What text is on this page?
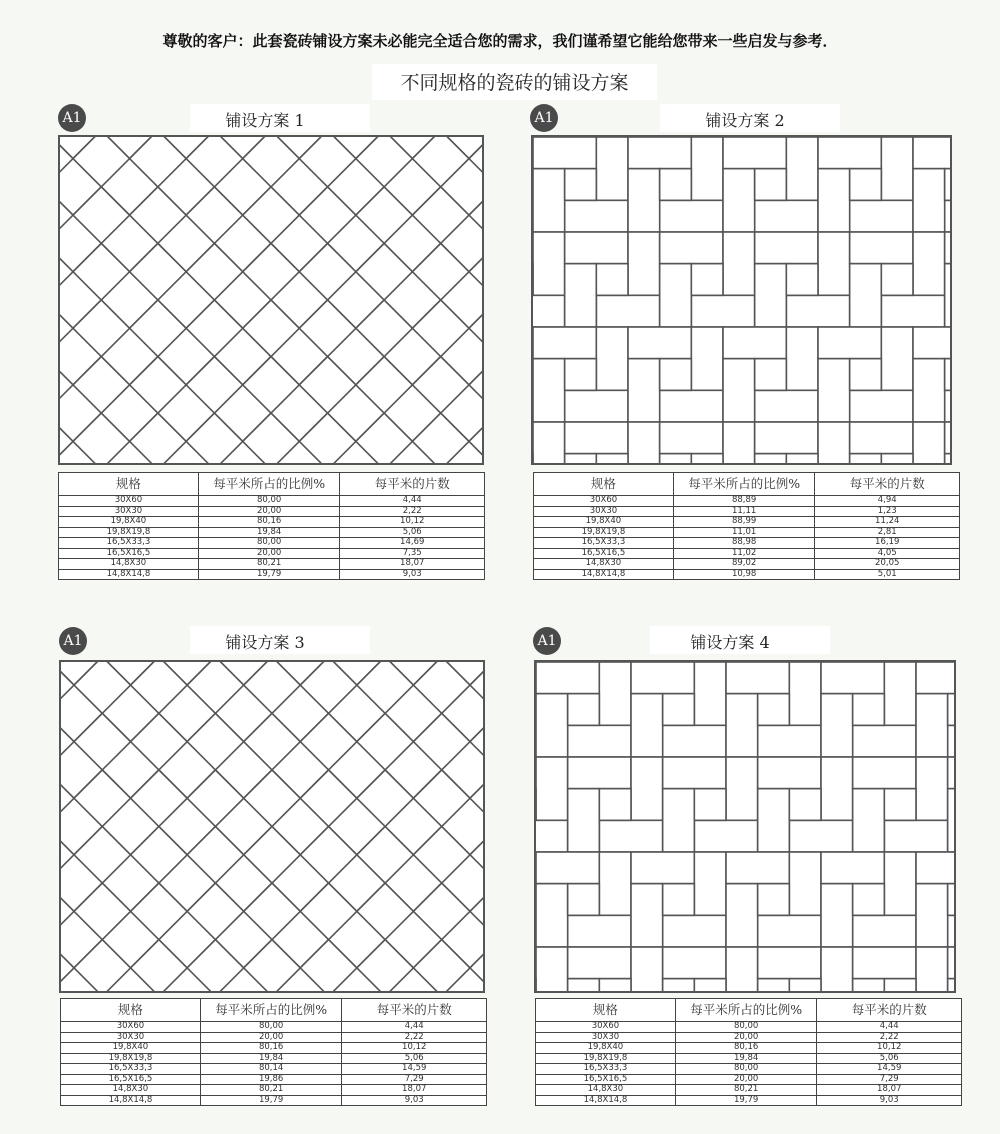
尊敬的客户：此套瓷砖铺设方案未必能完全适合您的需求，我们谨希望它能给您带来一些启发与参考．
不同规格的瓷砖的铺设方案
A1	铺设方案 1
规格	每平米所占的比例%	每平米的片数
30X60	80,00	4,44
30X30	20,00	2,22
19,8X40	80,16	10,12
19,8X19,8	19,84	5,06
16,5X33,3	80,00	14,69
16,5X16,5	20,00	7,35
14,8X30	80,21	18,07
14,8X14,8	19,79	9,03
A1	铺设方案 2
规格	每平米所占的比例%	每平米的片数
30X60	88,89	4,94
30X30	11,11	1,23
19,8X40	88,99	11,24
19,8X19,8	11,01	2,81
16,5X33,3	88,98	16,19
16,5X16,5	11,02	4,05
14,8X30	89,02	20,05
14,8X14,8	10,98	5,01
A1	铺设方案 3
规格	每平米所占的比例%	每平米的片数
30X60	80,00	4,44
30X30	20,00	2,22
19,8X40	80,16	10,12
19,8X19,8	19,84	5,06
16,5X33,3	80,14	14,59
16,5X16,5	19,86	7,29
14,8X30	80,21	18,07
14,8X14,8	19,79	9,03
A1	铺设方案 4
规格	每平米所占的比例%	每平米的片数
30X60	80,00	4,44
30X30	20,00	2,22
19,8X40	80,16	10,12
19,8X19,8	19,84	5,06
16,5X33,3	80,00	14,59
16,5X16,5	20,00	7,29
14,8X30	80,21	18,07
14,8X14,8	19,79	9,03
